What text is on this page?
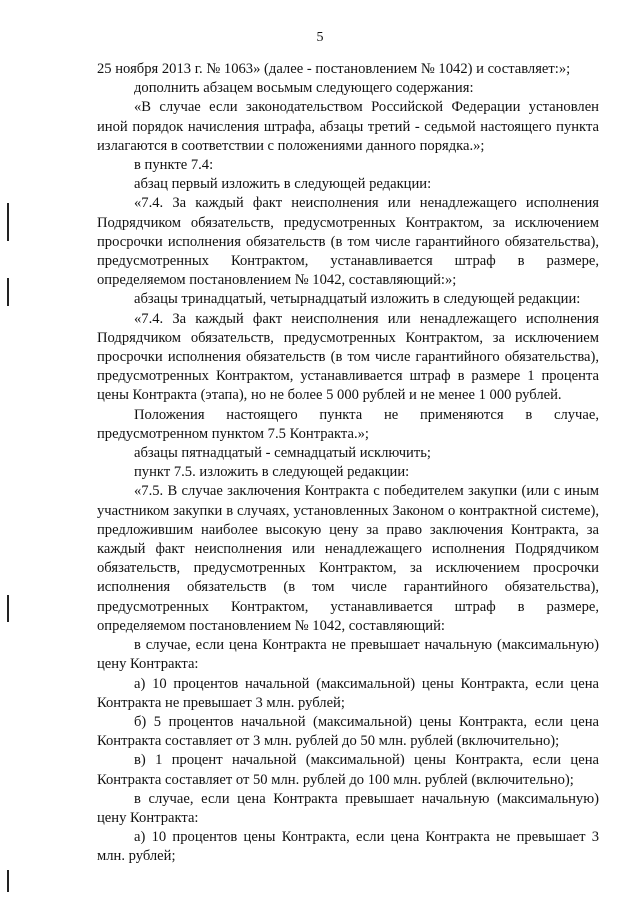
5

25 ноября 2013 г. № 1063» (далее - постановлением № 1042) и составляет:»;

дополнить абзацем восьмым следующего содержания:

«В случае если законодательством Российской Федерации установлен иной порядок начисления штрафа, абзацы третий - седьмой настоящего пункта излагаются в соответствии с положениями данного порядка.»;

в пункте 7.4:

абзац первый изложить в следующей редакции:

«7.4. За каждый факт неисполнения или ненадлежащего исполнения Подрядчиком обязательств, предусмотренных Контрактом, за исключением просрочки исполнения обязательств (в том числе гарантийного обязательства), предусмотренных Контрактом, устанавливается штраф в размере, определяемом постановлением № 1042, составляющий:»;

абзацы тринадцатый, четырнадцатый изложить в следующей редакции:

«7.4. За каждый факт неисполнения или ненадлежащего исполнения Подрядчиком обязательств, предусмотренных Контрактом, за исключением просрочки исполнения обязательств (в том числе гарантийного обязательства), предусмотренных Контрактом, устанавливается штраф в размере 1 процента цены Контракта (этапа), но не более 5 000 рублей и не менее 1 000 рублей.

Положения настоящего пункта не применяются в случае, предусмотренном пунктом 7.5 Контракта.»;

абзацы пятнадцатый - семнадцатый исключить;

пункт 7.5. изложить в следующей редакции:

«7.5. В случае заключения Контракта с победителем закупки (или с иным участником закупки в случаях, установленных Законом о контрактной системе), предложившим наиболее высокую цену за право заключения Контракта, за каждый факт неисполнения или ненадлежащего исполнения Подрядчиком обязательств, предусмотренных Контрактом, за исключением просрочки исполнения обязательств (в том числе гарантийного обязательства), предусмотренных Контрактом, устанавливается штраф в размере, определяемом постановлением № 1042, составляющий:

в случае, если цена Контракта не превышает начальную (максимальную) цену Контракта:

а) 10 процентов начальной (максимальной) цены Контракта, если цена Контракта не превышает 3 млн. рублей;

б) 5 процентов начальной (максимальной) цены Контракта, если цена Контракта составляет от 3 млн. рублей до 50 млн. рублей (включительно);

в) 1 процент начальной (максимальной) цены Контракта, если цена Контракта составляет от 50 млн. рублей до 100 млн. рублей (включительно);

в случае, если цена Контракта превышает начальную (максимальную) цену Контракта:

а) 10 процентов цены Контракта, если цена Контракта не превышает 3 млн. рублей;
